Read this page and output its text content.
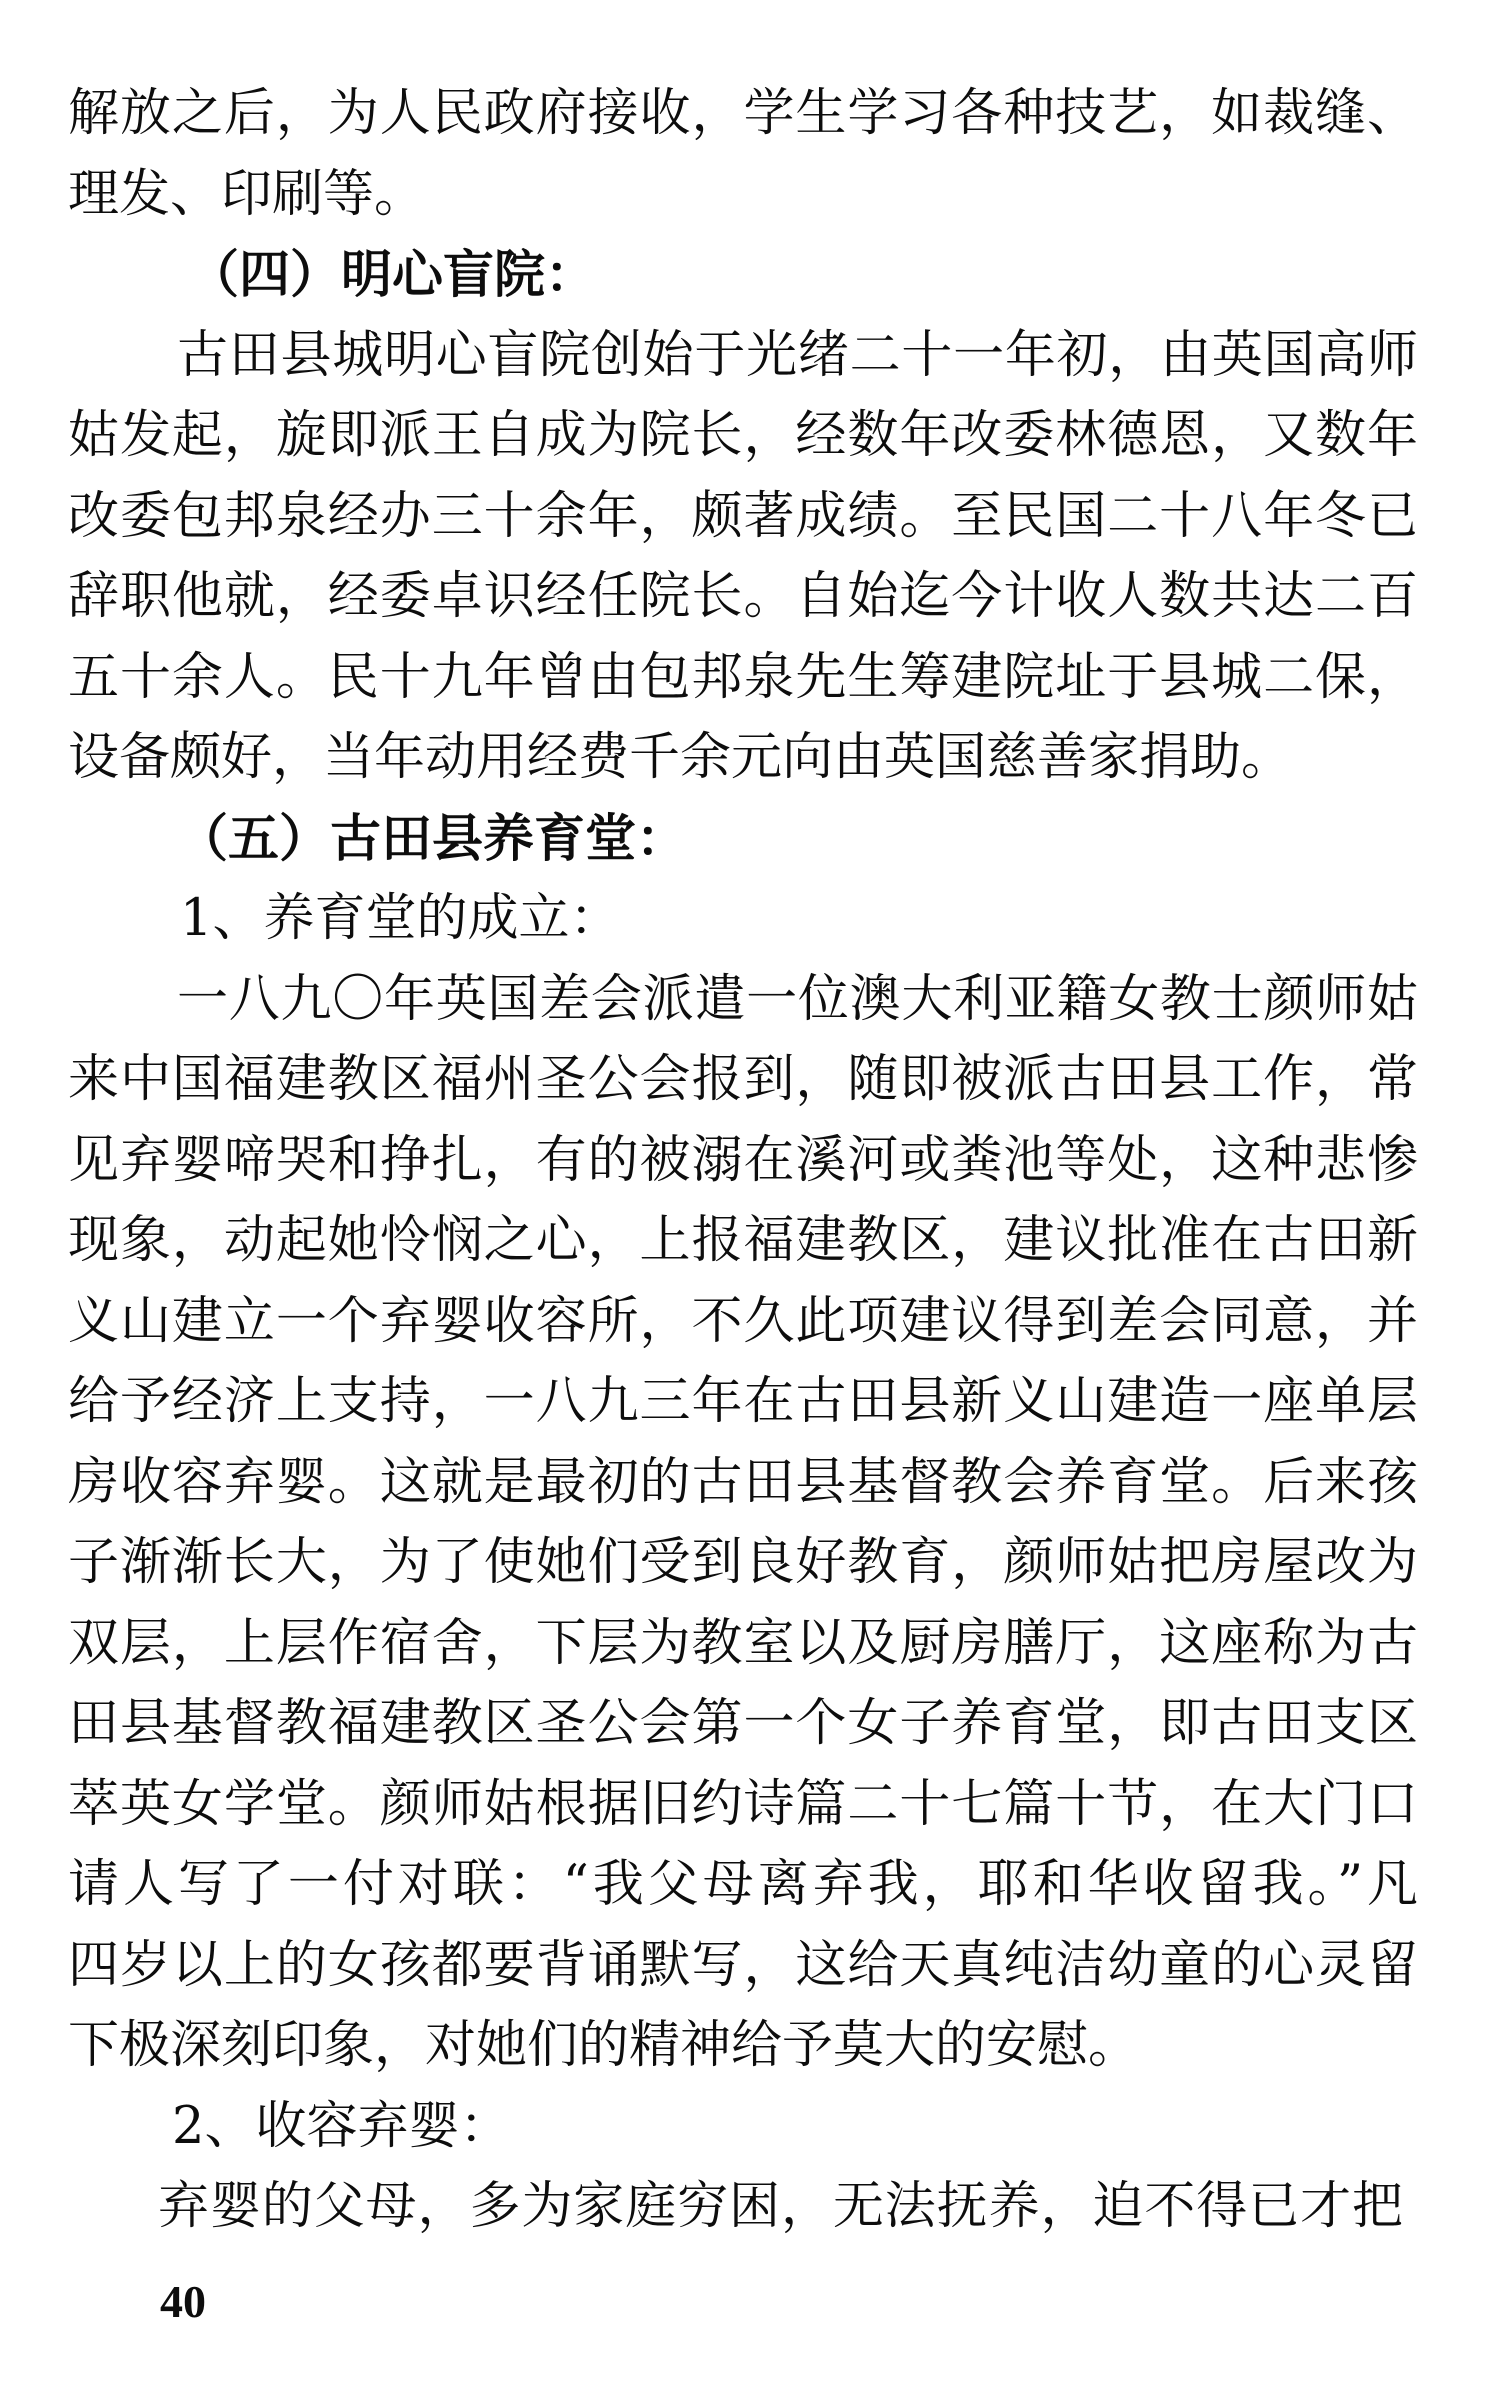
解放之后，为人民政府接收，学生学习各种技艺，如裁缝、
理发、印刷等。
（四）明心盲院：
古田县城明心盲院创始于光绪二十一年初，由英国高师
姑发起，旋即派王自成为院长，经数年改委林德恩，又数年
改委包邦泉经办三十余年，颇著成绩。至民国二十八年冬已
辞职他就，经委卓识经任院长。自始迄今计收人数共达二百
五十余人。民十九年曾由包邦泉先生筹建院址于县城二保，
设备颇好，当年动用经费千余元向由英国慈善家捐助。
（五）古田县养育堂：
1、养育堂的成立：
一八九〇年英国差会派遣一位澳大利亚籍女教士颜师姑
来中国福建教区福州圣公会报到，随即被派古田县工作，常
见弃婴啼哭和挣扎，有的被溺在溪河或粪池等处，这种悲惨
现象，动起她怜悯之心，上报福建教区，建议批准在古田新
义山建立一个弃婴收容所，不久此项建议得到差会同意，并
给予经济上支持，一八九三年在古田县新义山建造一座单层
房收容弃婴。这就是最初的古田县基督教会养育堂。后来孩
子渐渐长大，为了使她们受到良好教育，颜师姑把房屋改为
双层，上层作宿舍，下层为教室以及厨房膳厅，这座称为古
田县基督教福建教区圣公会第一个女子养育堂，即古田支区
萃英女学堂。颜师姑根据旧约诗篇二十七篇十节，在大门口
请人写了一付对联：“我父母离弃我，耶和华收留我。”凡
四岁以上的女孩都要背诵默写，这给天真纯洁幼童的心灵留
下极深刻印象，对她们的精神给予莫大的安慰。
2、收容弃婴：
弃婴的父母，多为家庭穷困，无法抚养，迫不得已才把
40
